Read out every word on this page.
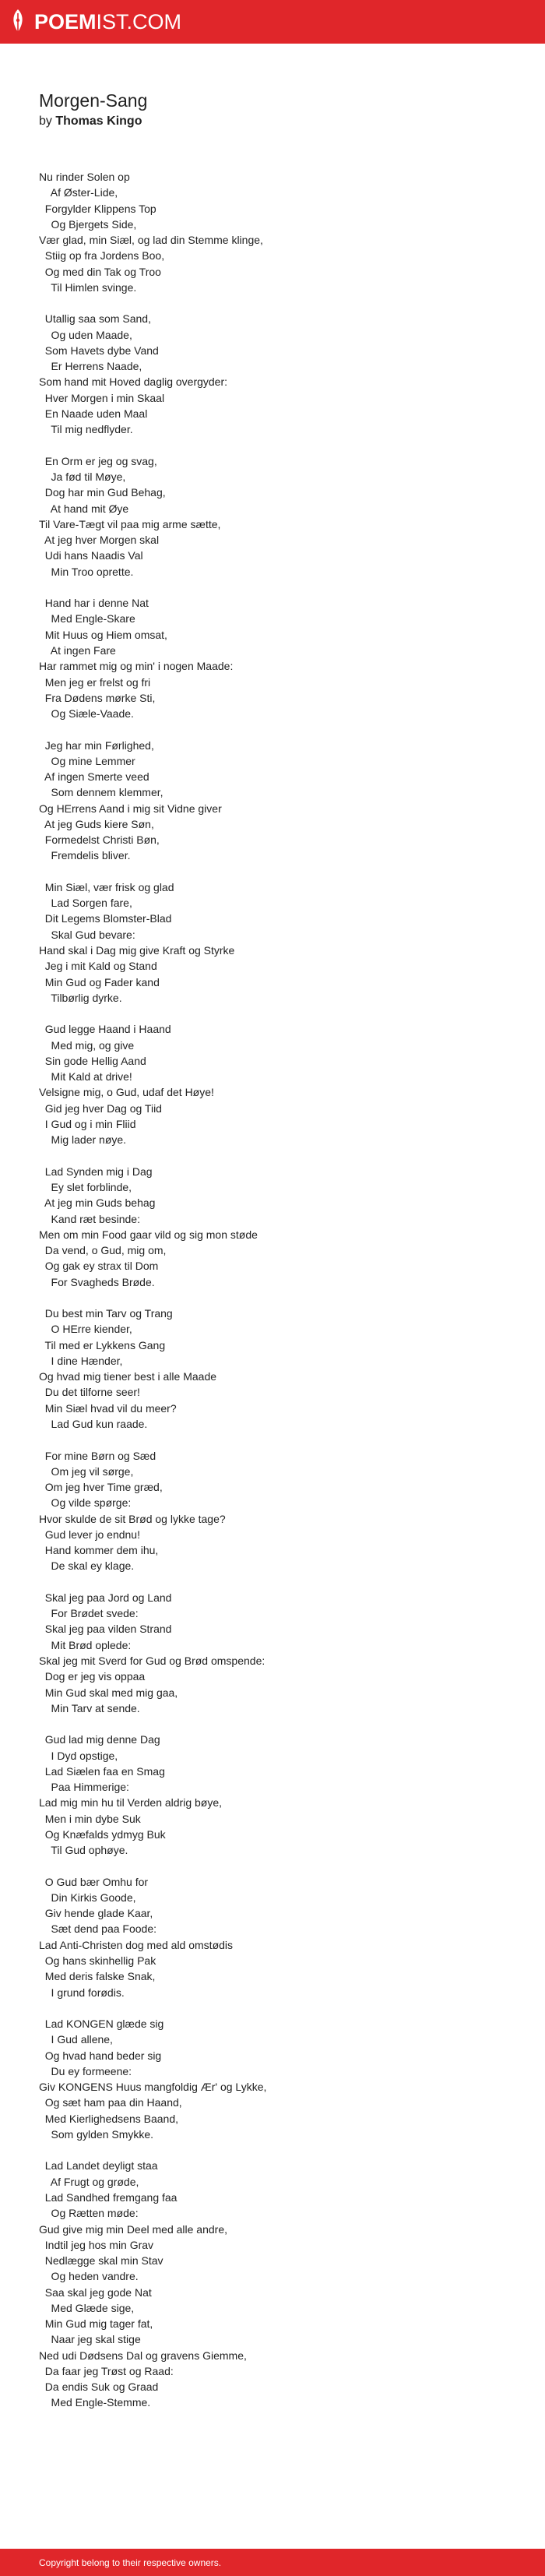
POEMIST.COM
Morgen-Sang
by Thomas Kingo
Nu rinder Solen op
Af Øster-Lide,
Forgylder Klippens Top
Og Bjergets Side,
Vær glad, min Siæl, og lad din Stemme klinge,
Stiig op fra Jordens Boo,
Og med din Tak og Troo
Til Himlen svinge.
Utallig saa som Sand,
Og uden Maade,
Som Havets dybe Vand
Er Herrens Naade,
Som hand mit Hoved daglig overgyder:
Hver Morgen i min Skaal
En Naade uden Maal
Til mig nedflyder.
En Orm er jeg og svag,
Ja fød til Møye,
Dog har min Gud Behag,
At hand mit Øye
Til Vare-Tægt vil paa mig arme sætte,
At jeg hver Morgen skal
Udi hans Naadis Val
Min Troo oprette.
Hand har i denne Nat
Med Engle-Skare
Mit Huus og Hiem omsat,
At ingen Fare
Har rammet mig og min' i nogen Maade:
Men jeg er frelst og fri
Fra Dødens mørke Sti,
Og Siæle-Vaade.
Jeg har min Førlighed,
Og mine Lemmer
Af ingen Smerte veed
Som dennem klemmer,
Og HErrens Aand i mig sit Vidne giver
At jeg Guds kiere Søn,
Formedelst Christi Bøn,
Fremdelis bliver.
Min Siæl, vær frisk og glad
Lad Sorgen fare,
Dit Legems Blomster-Blad
Skal Gud bevare:
Hand skal i Dag mig give Kraft og Styrke
Jeg i mit Kald og Stand
Min Gud og Fader kand
Tilbørlig dyrke.
Gud legge Haand i Haand
Med mig, og give
Sin gode Hellig Aand
Mit Kald at drive!
Velsigne mig, o Gud, udaf det Høye!
Gid jeg hver Dag og Tiid
I Gud og i min Fliid
Mig lader nøye.
Lad Synden mig i Dag
Ey slet forblinde,
At jeg min Guds behag
Kand ræt besinde:
Men om min Food gaar vild og sig mon støde
Da vend, o Gud, mig om,
Og gak ey strax til Dom
For Svagheds Brøde.
Du best min Tarv og Trang
O HErre kiender,
Til med er Lykkens Gang
I dine Hænder,
Og hvad mig tiener best i alle Maade
Du det tilforne seer!
Min Siæl hvad vil du meer?
Lad Gud kun raade.
For mine Børn og Sæd
Om jeg vil sørge,
Om jeg hver Time græd,
Og vilde spørge:
Hvor skulde de sit Brød og lykke tage?
Gud lever jo endnu!
Hand kommer dem ihu,
De skal ey klage.
Skal jeg paa Jord og Land
For Brødet svede:
Skal jeg paa vilden Strand
Mit Brød oplede:
Skal jeg mit Sverd for Gud og Brød omspende:
Dog er jeg vis oppaa
Min Gud skal med mig gaa,
Min Tarv at sende.
Gud lad mig denne Dag
I Dyd opstige,
Lad Siælen faa en Smag
Paa Himmerige:
Lad mig min hu til Verden aldrig bøye,
Men i min dybe Suk
Og Knæfalds ydmyg Buk
Til Gud ophøye.
O Gud bær Omhu for
Din Kirkis Goode,
Giv hende glade Kaar,
Sæt dend paa Foode:
Lad Anti-Christen dog med ald omstødis
Og hans skinhellig Pak
Med deris falske Snak,
I grund forødis.
Lad KONGEN glæde sig
I Gud allene,
Og hvad hand beder sig
Du ey formeene:
Giv KONGENS Huus mangfoldig Ær' og Lykke,
Og sæt ham paa din Haand,
Med Kierlighedsens Baand,
Som gylden Smykke.
Lad Landet deyligt staa
Af Frugt og grøde,
Lad Sandhed fremgang faa
Og Rætten møde:
Gud give mig min Deel med alle andre,
Indtil jeg hos min Grav
Nedlægge skal min Stav
Og heden vandre.
Saa skal jeg gode Nat
Med Glæde sige,
Min Gud mig tager fat,
Naar jeg skal stige
Ned udi Dødsens Dal og gravens Giemme,
Da faar jeg Trøst og Raad:
Da endis Suk og Graad
Med Engle-Stemme.
Copyright belong to their respective owners.
